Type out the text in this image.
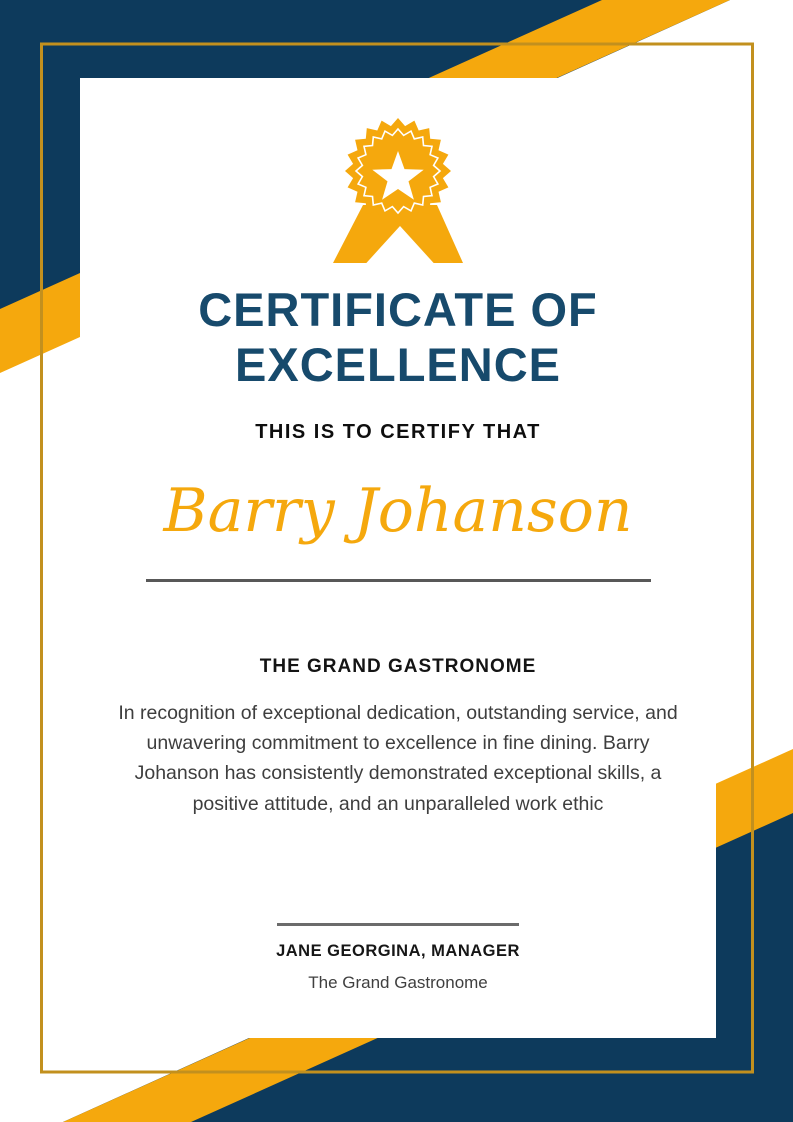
CERTIFICATE OF EXCELLENCE
THIS IS TO CERTIFY THAT
Barry Johanson
THE GRAND GASTRONOME
In recognition of exceptional dedication, outstanding service, and unwavering commitment to excellence in fine dining. Barry Johanson has consistently demonstrated exceptional skills, a positive attitude, and an unparalleled work ethic
JANE GEORGINA, MANAGER
The Grand Gastronome
